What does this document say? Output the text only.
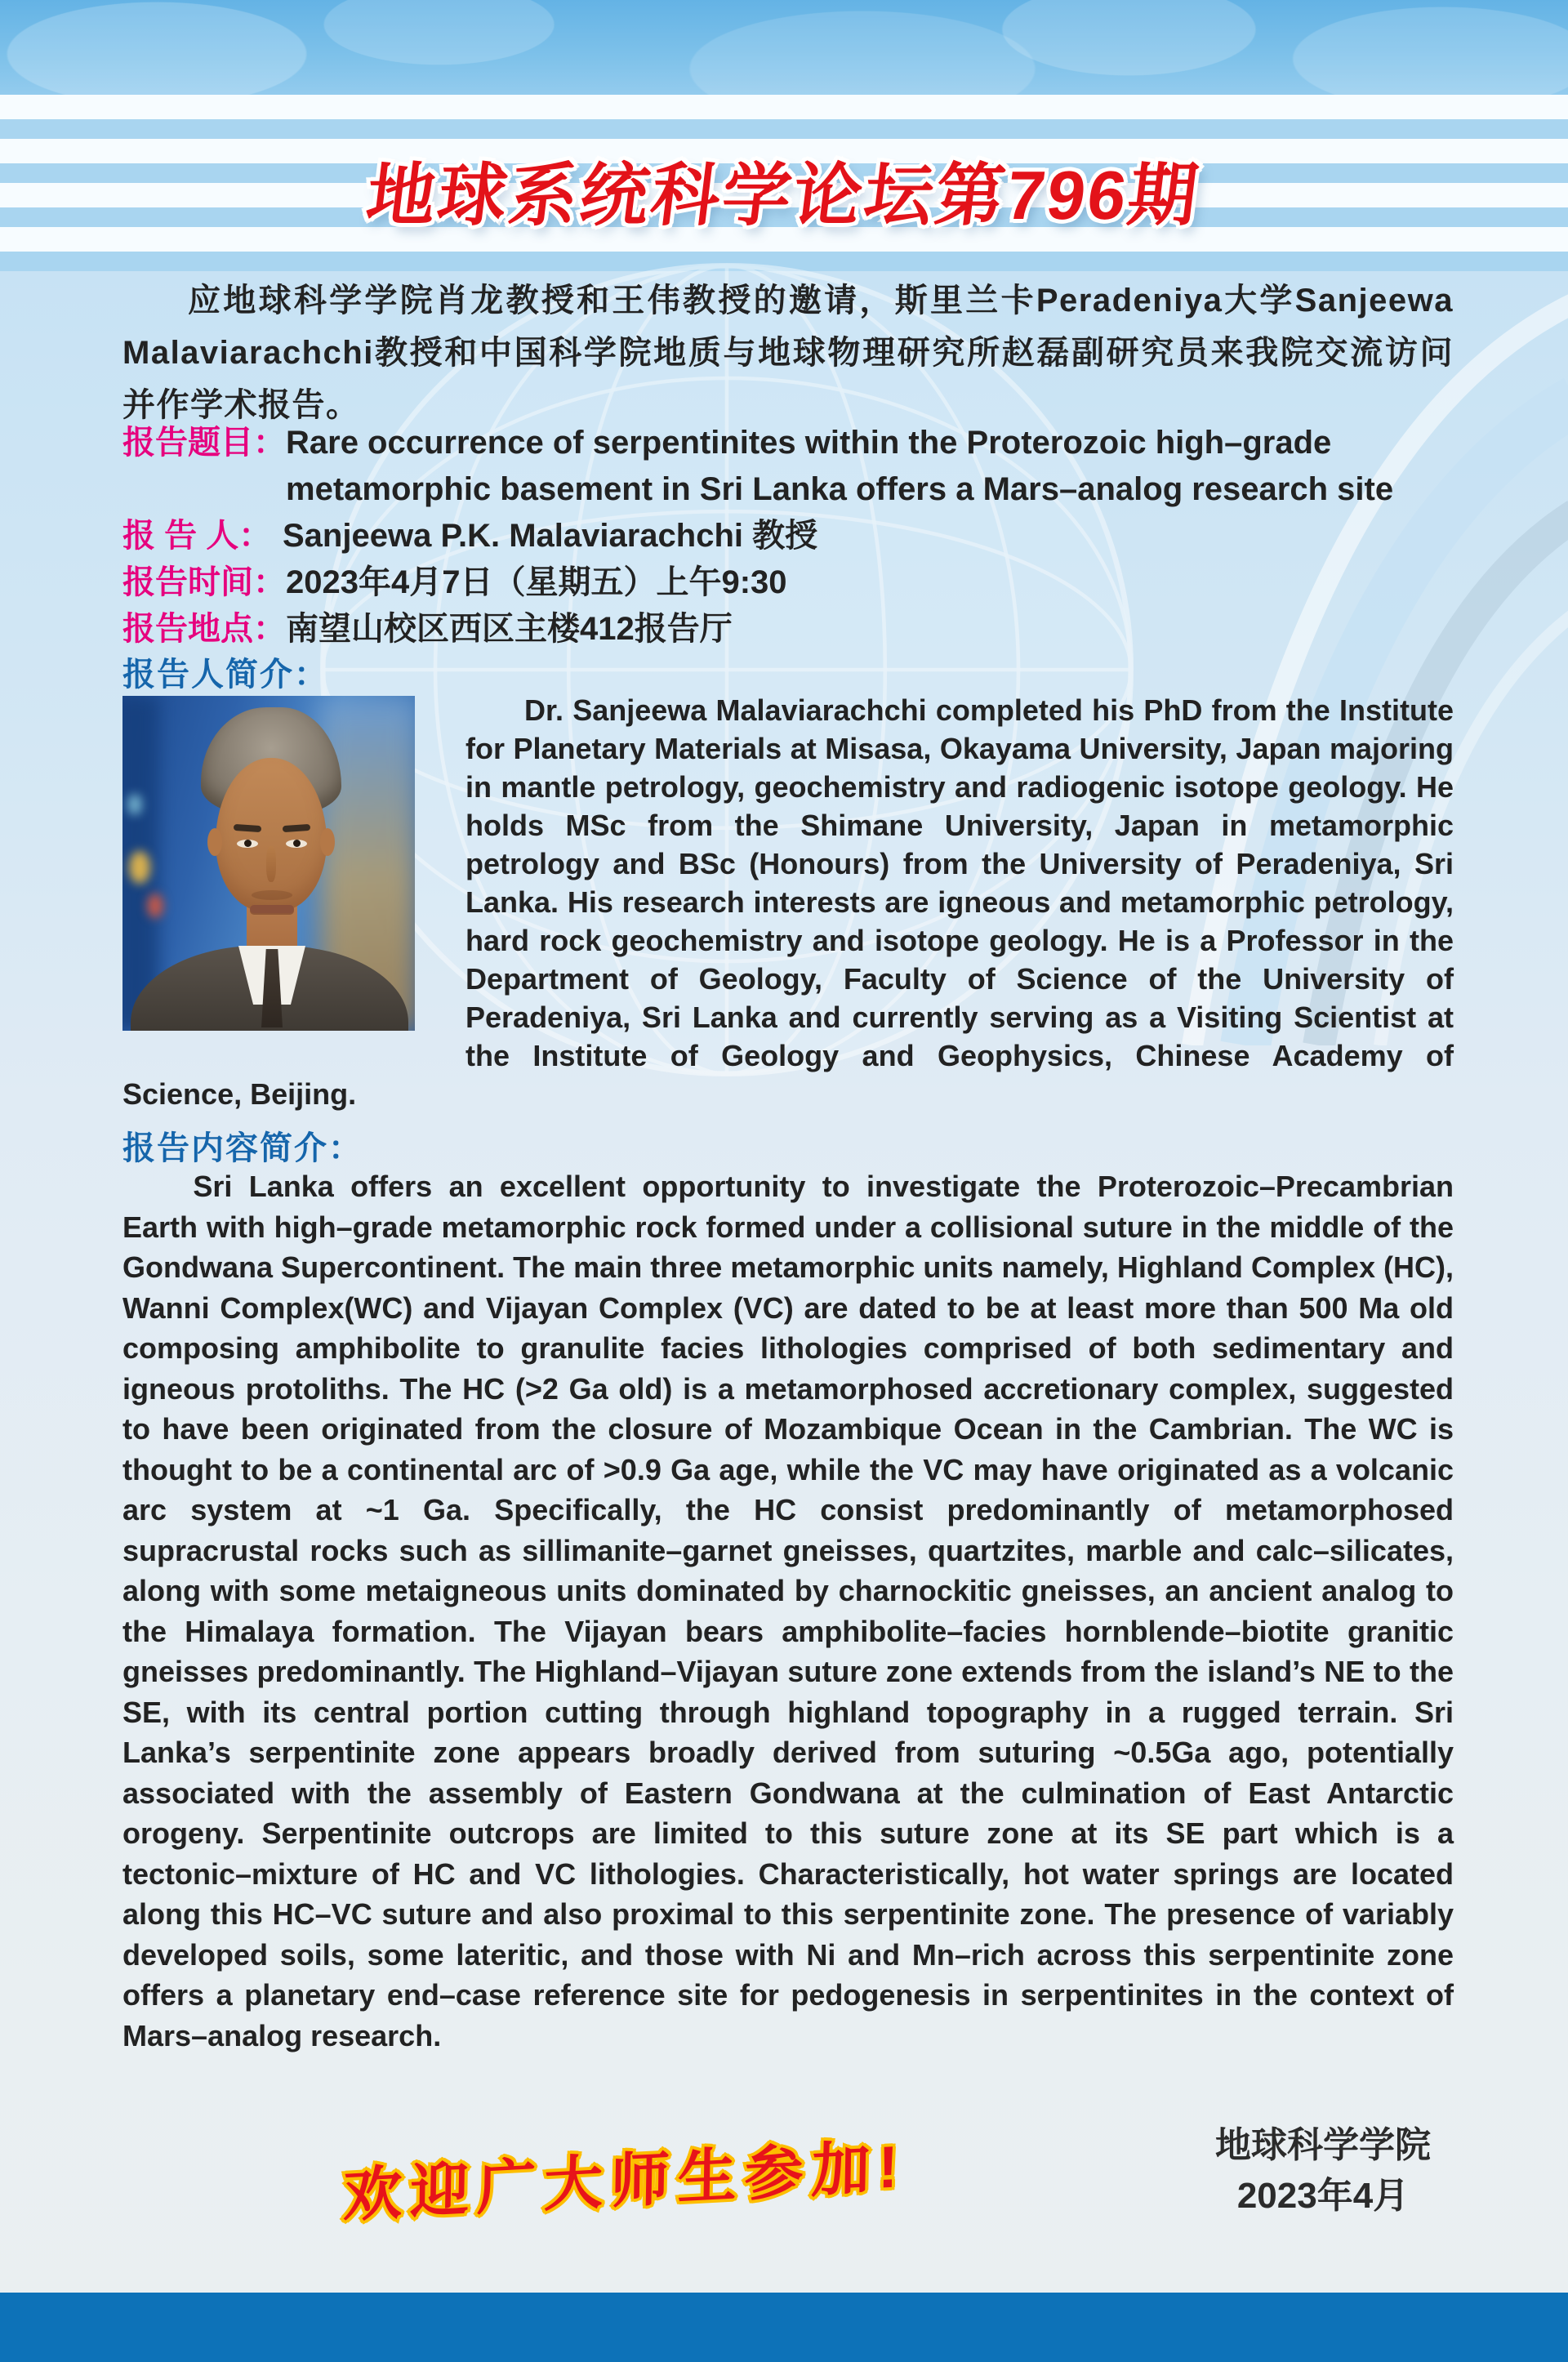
地球系统科学论坛第796期

应地球科学学院肖龙教授和王伟教授的邀请，斯里兰卡Peradeniya大学Sanjeewa Malaviarachchi教授和中国科学院地质与地球物理研究所赵磊副研究员来我院交流访问并作学术报告。

报告题目： Rare occurrence of serpentinites within the Proterozoic high–grade metamorphic basement in Sri Lanka offers a Mars–analog research site
报 告 人： Sanjeewa P.K. Malaviarachchi 教授
报告时间： 2023年4月7日（星期五）上午9:30
报告地点： 南望山校区西区主楼412报告厅
报告人简介：

Dr. Sanjeewa Malaviarachchi completed his PhD from the Institute for Planetary Materials at Misasa, Okayama University, Japan majoring in mantle petrology, geochemistry and radiogenic isotope geology. He holds MSc from the Shimane University, Japan in metamorphic petrology and BSc (Honours) from the University of Peradeniya, Sri Lanka. His research interests are igneous and metamorphic petrology, hard rock geochemistry and isotope geology. He is a Professor in the Department of Geology, Faculty of Science of the University of Peradeniya, Sri Lanka and currently serving as a Visiting Scientist at the Institute of Geology and Geophysics, Chinese Academy of Science, Beijing.

报告内容简介：

Sri Lanka offers an excellent opportunity to investigate the Proterozoic–Precambrian Earth with high–grade metamorphic rock formed under a collisional suture in the middle of the Gondwana Supercontinent. The main three metamorphic units namely, Highland Complex (HC), Wanni Complex(WC) and Vijayan Complex (VC) are dated to be at least more than 500 Ma old composing amphibolite to granulite facies lithologies comprised of both sedimentary and igneous protoliths. The HC (>2 Ga old) is a metamorphosed accretionary complex, suggested to have been originated from the closure of Mozambique Ocean in the Cambrian. The WC is thought to be a continental arc of >0.9 Ga age, while the VC may have originated as a volcanic arc system at ~1 Ga. Specifically, the HC consist predominantly of metamorphosed supracrustal rocks such as sillimanite–garnet gneisses, quartzites, marble and calc–silicates, along with some metaigneous units dominated by charnockitic gneisses, an ancient analog to the Himalaya formation. The Vijayan bears amphibolite–facies hornblende–biotite granitic gneisses predominantly. The Highland–Vijayan suture zone extends from the island’s NE to the SE, with its central portion cutting through highland topography in a rugged terrain. Sri Lanka’s serpentinite zone appears broadly derived from suturing ~0.5Ga ago, potentially associated with the assembly of Eastern Gondwana at the culmination of East Antarctic orogeny. Serpentinite outcrops are limited to this suture zone at its SE part which is a tectonic–mixture of HC and VC lithologies. Characteristically, hot water springs are located along this HC–VC suture and also proximal to this serpentinite zone. The presence of variably developed soils, some lateritic, and those with Ni and Mn–rich across this serpentinite zone offers a planetary end–case reference site for pedogenesis in serpentinites in the context of Mars–analog research.

欢迎广大师生参加!	地球科学学院
2023年4月
